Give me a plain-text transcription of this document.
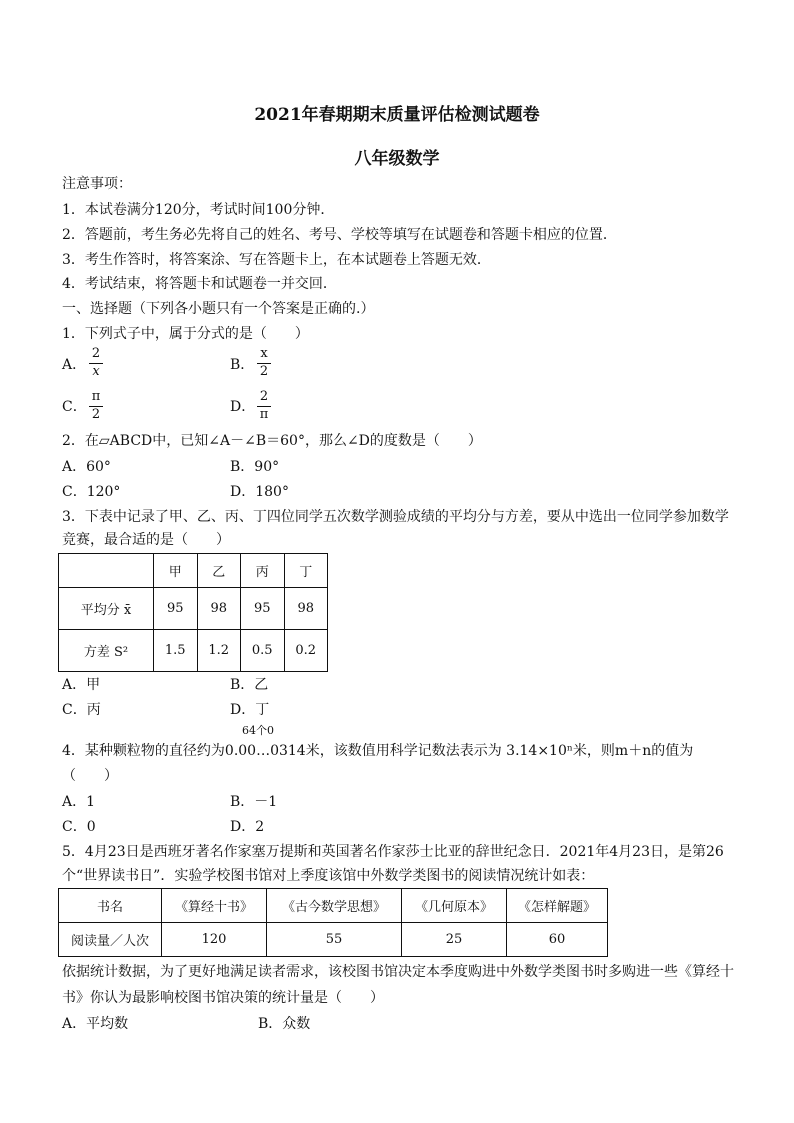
2021年春期期末质量评估检测试题卷
八年级数学
注意事项：
1．本试卷满分120分，考试时间100分钟．
2．答题前，考生务必先将自己的姓名、考号、学校等填写在试题卷和答题卡相应的位置．
3．考生作答时，将答案涂、写在答题卡上，在本试题卷上答题无效．
4．考试结束，将答题卡和试题卷一并交回．
一、选择题（下列各小题只有一个答案是正确的.）
1．下列式子中，属于分式的是（　　）
A． $\frac{2}{x}$	B． $\frac{x}{2}$
C． $\frac{\pi}{2}$	D． $\frac{2}{\pi}$
2．在▱ABCD中，已知∠A－∠B＝60°，那么∠D的度数是（　　）
A．60°	B．90°
C．120°	D．180°
3．下表中记录了甲、乙、丙、丁四位同学五次数学测验成绩的平均分与方差，要从中选出一位同学参加数学
竞赛，最合适的是（　　）
	甲	乙	丙	丁
平均分 x̄	95	98	95	98
方差 S²	1.5	1.2	0.5	0.2
A．甲	B．乙
C．丙	D．丁
64个0
4．某种颗粒物的直径约为0.00…0314米，该数值用科学记数法表示为 3.14×10ⁿ米，则m＋n的值为
（　　）
A．1	B．－1
C．0	D．2
5．4月23日是西班牙著名作家塞万提斯和英国著名作家莎士比亚的辞世纪念日．2021年4月23日，是第26
个“世界读书日”．实验学校图书馆对上季度该馆中外数学类图书的阅读情况统计如表：
书名	《算经十书》	《古今数学思想》	《几何原本》	《怎样解题》
阅读量／人次	120	55	25	60
依据统计数据，为了更好地满足读者需求，该校图书馆决定本季度购进中外数学类图书时多购进一些《算经十
书》你认为最影响校图书馆决策的统计量是（　　）
A．平均数	B．众数
